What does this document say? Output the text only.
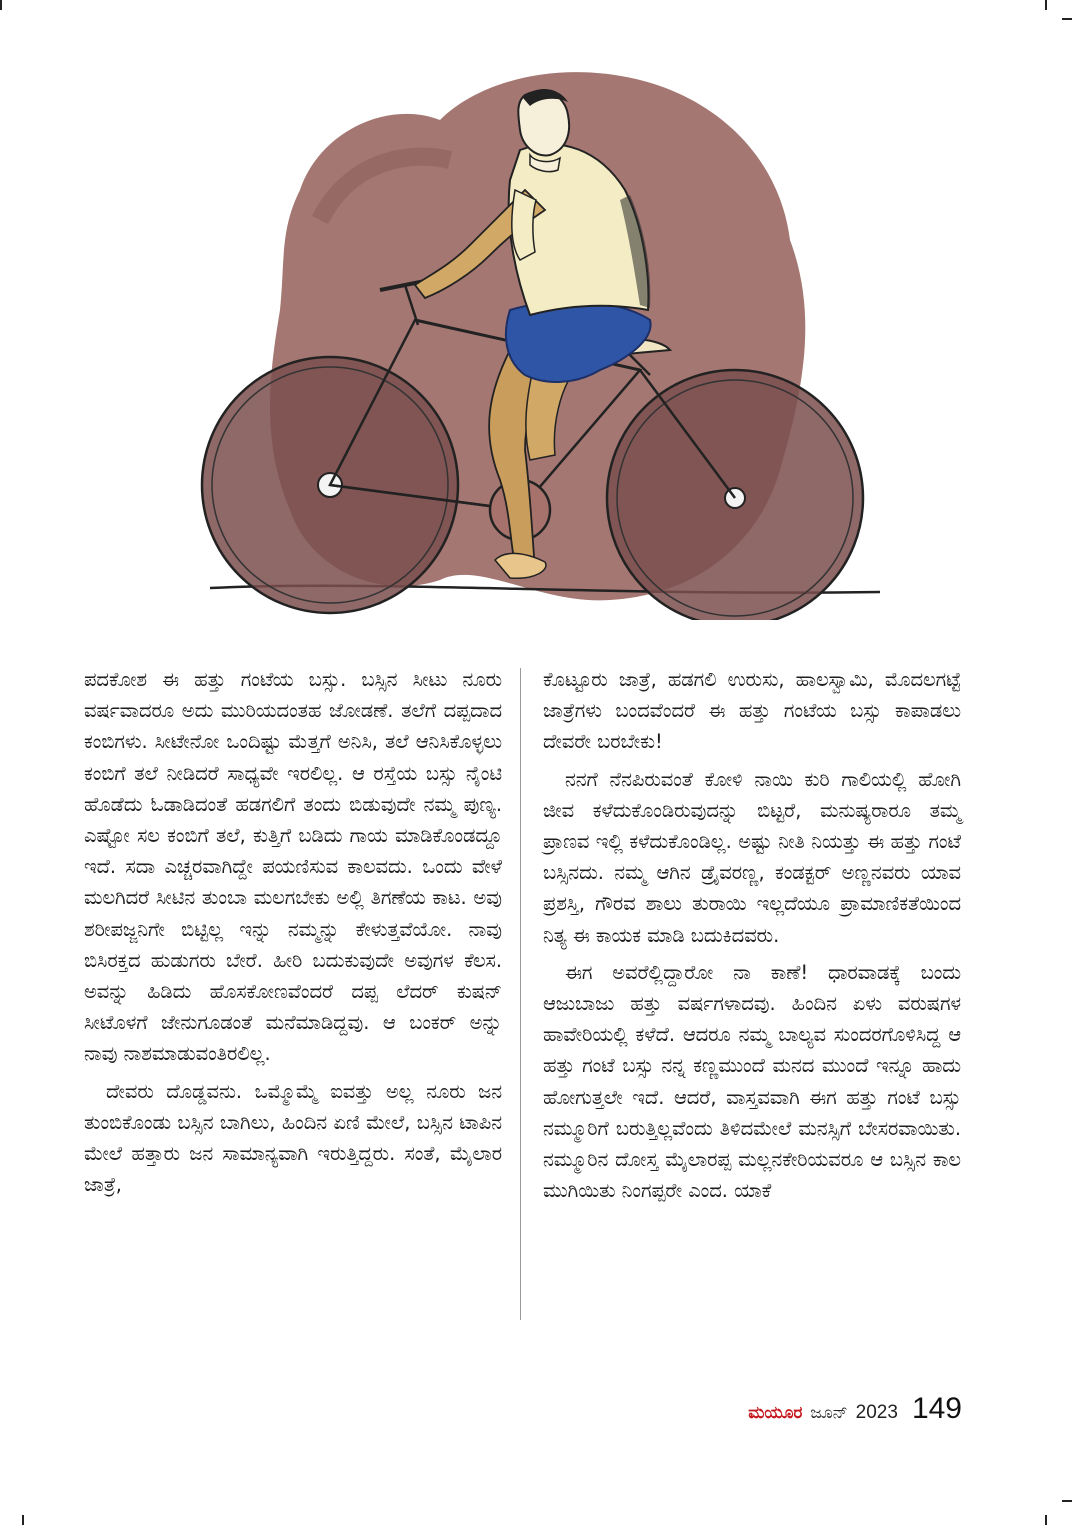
ಪದಕೋಶ ಈ ಹತ್ತು ಗಂಟೆಯ ಬಸ್ಸು. ಬಸ್ಸಿನ ಸೀಟು ನೂರು ವರ್ಷವಾದರೂ ಅದು ಮುರಿಯದಂತಹ ಜೋಡಣೆ. ತಲೆಗೆ ದಪ್ಪದಾದ ಕಂಬಿಗಳು. ಸೀಟೇನೋ ಒಂದಿಷ್ಟು ಮೆತ್ತಗೆ ಅನಿಸಿ, ತಲೆ ಆನಿಸಿಕೊಳ್ಳಲು ಕಂಬಿಗೆ ತಲೆ ನೀಡಿದರೆ ಸಾಧ್ಯವೇ ಇರಲಿಲ್ಲ. ಆ ರಸ್ತೆಯ ಬಸ್ಸು ನೈಂಟಿ ಹೊಡೆದು ಓಡಾಡಿದಂತೆ ಹಡಗಲಿಗೆ ತಂದು ಬಿಡುವುದೇ ನಮ್ಮ ಪುಣ್ಯ. ಎಷ್ಟೋ ಸಲ ಕಂಬಿಗೆ ತಲೆ, ಕುತ್ತಿಗೆ ಬಡಿದು ಗಾಯ ಮಾಡಿಕೊಂಡದ್ದೂ ಇದೆ. ಸದಾ ಎಚ್ಚರವಾಗಿದ್ದೇ ಪಯಣಿಸುವ ಕಾಲವದು. ಒಂದು ವೇಳೆ ಮಲಗಿದರೆ ಸೀಟಿನ ತುಂಬಾ ಮಲಗಬೇಕು ಅಲ್ಲಿ ತಿಗಣೆಯ ಕಾಟ. ಅವು ಶರೀಪಜ್ಜನಿಗೇ ಬಿಟ್ಟಿಲ್ಲ ಇನ್ನು ನಮ್ಮನ್ನು ಕೇಳುತ್ತವೆಯೋ. ನಾವು ಬಿಸಿರಕ್ತದ ಹುಡುಗರು ಬೇರೆ. ಹೀರಿ ಬದುಕುವುದೇ ಅವುಗಳ ಕೆಲಸ. ಅವನ್ನು ಹಿಡಿದು ಹೊಸಕೋಣವೆಂದರೆ ದಪ್ಪ ಲೆದರ್ ಕುಷನ್ ಸೀಟೊಳಗೆ ಜೇನುಗೂಡಂತೆ ಮನೆಮಾಡಿದ್ದವು. ಆ ಬಂಕರ್ ಅನ್ನು ನಾವು ನಾಶಮಾಡುವಂತಿರಲಿಲ್ಲ.

ದೇವರು ದೊಡ್ಡವನು. ಒಮ್ಮೊಮ್ಮೆ ಐವತ್ತು ಅಲ್ಲ ನೂರು ಜನ ತುಂಬಿಕೊಂಡು ಬಸ್ಸಿನ ಬಾಗಿಲು, ಹಿಂದಿನ ಏಣಿ ಮೇಲೆ, ಬಸ್ಸಿನ ಟಾಪಿನ ಮೇಲೆ ಹತ್ತಾರು ಜನ ಸಾಮಾನ್ಯವಾಗಿ ಇರುತ್ತಿದ್ದರು. ಸಂತೆ, ಮೈಲಾರ ಜಾತ್ರೆ,

ಕೊಟ್ಟೂರು ಜಾತ್ರೆ, ಹಡಗಲಿ ಉರುಸು, ಹಾಲಸ್ವಾಮಿ, ಮೊದಲಗಟ್ಟೆ ಜಾತ್ರೆಗಳು ಬಂದವೆಂದರೆ ಈ ಹತ್ತು ಗಂಟೆಯ ಬಸ್ಸು ಕಾಪಾಡಲು ದೇವರೇ ಬರಬೇಕು!

ನನಗೆ ನೆನಪಿರುವಂತೆ ಕೋಳಿ ನಾಯಿ ಕುರಿ ಗಾಲಿಯಲ್ಲಿ ಹೋಗಿ ಜೀವ ಕಳೆದುಕೊಂಡಿರುವುದನ್ನು ಬಿಟ್ಟರೆ, ಮನುಷ್ಯರಾರೂ ತಮ್ಮ ಪ್ರಾಣವ ಇಲ್ಲಿ ಕಳೆದುಕೊಂಡಿಲ್ಲ. ಅಷ್ಟು ನೀತಿ ನಿಯತ್ತು ಈ ಹತ್ತು ಗಂಟೆ ಬಸ್ಸಿನದು. ನಮ್ಮ ಆಗಿನ ಡ್ರೈವರಣ್ಣ, ಕಂಡಕ್ಟರ್ ಅಣ್ಣನವರು ಯಾವ ಪ್ರಶಸ್ತಿ, ಗೌರವ ಶಾಲು ತುರಾಯಿ ಇಲ್ಲದೆಯೂ ಪ್ರಾಮಾಣಿಕತೆಯಿಂದ ನಿತ್ಯ ಈ ಕಾಯಕ ಮಾಡಿ ಬದುಕಿದವರು.

ಈಗ ಅವರೆಲ್ಲಿದ್ದಾರೋ ನಾ ಕಾಣೆ! ಧಾರವಾಡಕ್ಕೆ ಬಂದು ಆಜುಬಾಜು ಹತ್ತು ವರ್ಷಗಳಾದವು. ಹಿಂದಿನ ಏಳು ವರುಷಗಳ ಹಾವೇರಿಯಲ್ಲಿ ಕಳೆದೆ. ಆದರೂ ನಮ್ಮ ಬಾಲ್ಯವ ಸುಂದರಗೊಳಿಸಿದ್ದ ಆ ಹತ್ತು ಗಂಟೆ ಬಸ್ಸು ನನ್ನ ಕಣ್ಣಮುಂದೆ ಮನದ ಮುಂದೆ ಇನ್ನೂ ಹಾದು ಹೋಗುತ್ತಲೇ ಇದೆ. ಆದರೆ, ವಾಸ್ತವವಾಗಿ ಈಗ ಹತ್ತು ಗಂಟೆ ಬಸ್ಸು ನಮ್ಮೂರಿಗೆ ಬರುತ್ತಿಲ್ಲವೆಂದು ತಿಳಿದಮೇಲೆ ಮನಸ್ಸಿಗೆ ಬೇಸರವಾಯಿತು. ನಮ್ಮೂರಿನ ದೋಸ್ತ ಮೈಲಾರಪ್ಪ ಮಲ್ಲನಕೇರಿಯವರೂ ಆ ಬಸ್ಸಿನ ಕಾಲ ಮುಗಿಯಿತು ನಿಂಗಪ್ಪರೇ ಎಂದ. ಯಾಕೆ

ಮಯೂರ ಜೂನ್ 2023 149
